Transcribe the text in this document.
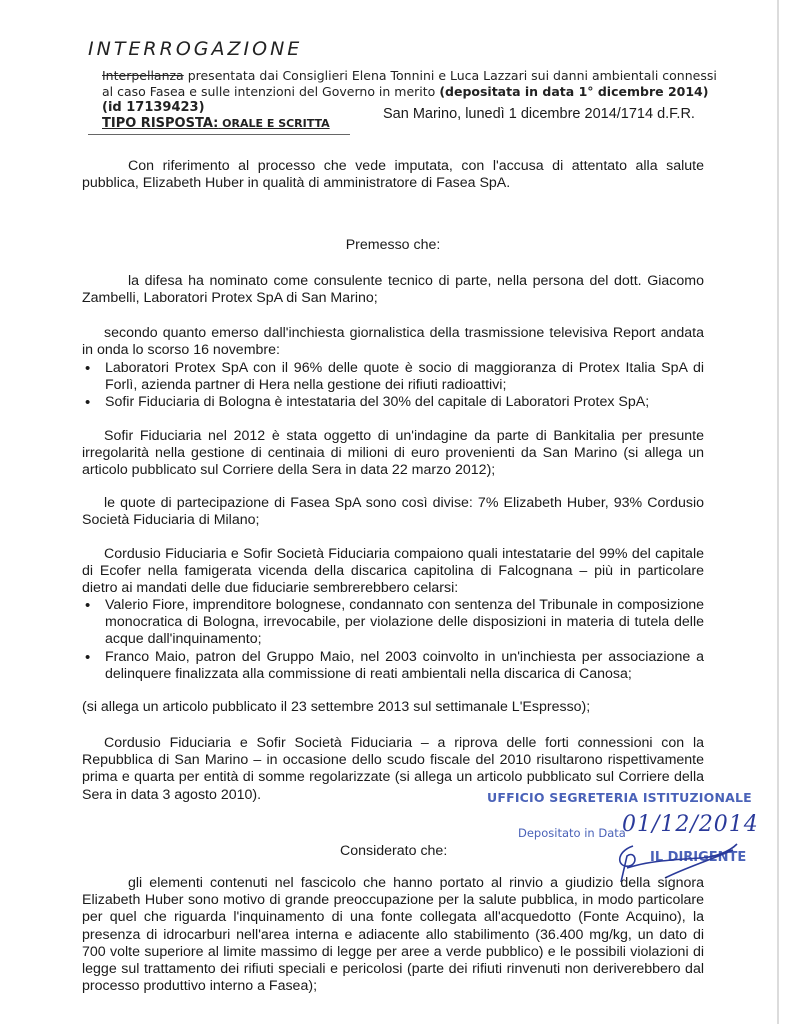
INTERROGAZIONE
Interpellanza presentata dai Consiglieri Elena Tonnini e Luca Lazzari sui danni ambientali connessi
al caso Fasea e sulle intenzioni del Governo in merito (depositata in data 1° dicembre 2014)
(id 17139423)
TIPO RISPOSTA: ORALE E SCRITTA
San Marino, lunedì 1 dicembre 2014/1714 d.F.R.
Con riferimento al processo che vede imputata, con l'accusa di attentato alla salute pubblica, Elizabeth Huber in qualità di amministratore di Fasea SpA.
Premesso che:
la difesa ha nominato come consulente tecnico di parte, nella persona del dott. Giacomo Zambelli, Laboratori Protex SpA di San Marino;
secondo quanto emerso dall'inchiesta giornalistica della trasmissione televisiva Report andata in onda lo scorso 16 novembre:
• Laboratori Protex SpA con il 96% delle quote è socio di maggioranza di Protex Italia SpA di Forlì, azienda partner di Hera nella gestione dei rifiuti radioattivi;
• Sofir Fiduciaria di Bologna è intestataria del 30% del capitale di Laboratori Protex SpA;
Sofir Fiduciaria nel 2012 è stata oggetto di un'indagine da parte di Bankitalia per presunte irregolarità nella gestione di centinaia di milioni di euro provenienti da San Marino (si allega un articolo pubblicato sul Corriere della Sera in data 22 marzo 2012);
le quote di partecipazione di Fasea SpA sono così divise: 7% Elizabeth Huber, 93% Cordusio Società Fiduciaria di Milano;
Cordusio Fiduciaria e Sofir Società Fiduciaria compaiono quali intestatarie del 99% del capitale di Ecofer nella famigerata vicenda della discarica capitolina di Falcognana – più in particolare dietro ai mandati delle due fiduciarie sembrerebbero celarsi:
• Valerio Fiore, imprenditore bolognese, condannato con sentenza del Tribunale in composizione monocratica di Bologna, irrevocabile, per violazione delle disposizioni in materia di tutela delle acque dall'inquinamento;
• Franco Maio, patron del Gruppo Maio, nel 2003 coinvolto in un'inchiesta per associazione a delinquere finalizzata alla commissione di reati ambientali nella discarica di Canosa;
(si allega un articolo pubblicato il 23 settembre 2013 sul settimanale L'Espresso);
Cordusio Fiduciaria e Sofir Società Fiduciaria – a riprova delle forti connessioni con la Repubblica di San Marino – in occasione dello scudo fiscale del 2010 risultarono rispettivamente prima e quarta per entità di somme regolarizzate (si allega un articolo pubblicato sul Corriere della Sera in data 3 agosto 2010).	UFFICIO SEGRETERIA ISTITUZIONALE
Depositato in Data
01/12/2014
IL DIRIGENTE
Considerato che:
gli elementi contenuti nel fascicolo che hanno portato al rinvio a giudizio della signora Elizabeth Huber sono motivo di grande preoccupazione per la salute pubblica, in modo particolare per quel che riguarda l'inquinamento di una fonte collegata all'acquedotto (Fonte Acquino), la presenza di idrocarburi nell'area interna e adiacente allo stabilimento (36.400 mg/kg, un dato di 700 volte superiore al limite massimo di legge per aree a verde pubblico) e le possibili violazioni di legge sul trattamento dei rifiuti speciali e pericolosi (parte dei rifiuti rinvenuti non deriverebbero dal processo produttivo interno a Fasea);
